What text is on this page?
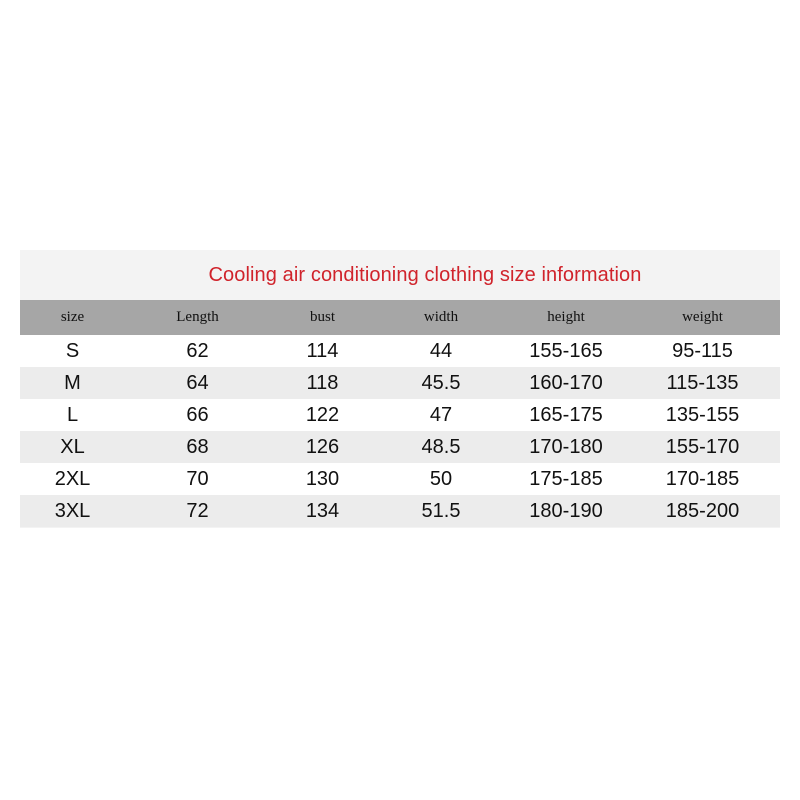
Cooling air conditioning clothing size information
size	Length	bust	width	height	weight
S	62	114	44	155-165	95-115
M	64	118	45.5	160-170	115-135
L	66	122	47	165-175	135-155
XL	68	126	48.5	170-180	155-170
2XL	70	130	50	175-185	170-185
3XL	72	134	51.5	180-190	185-200
